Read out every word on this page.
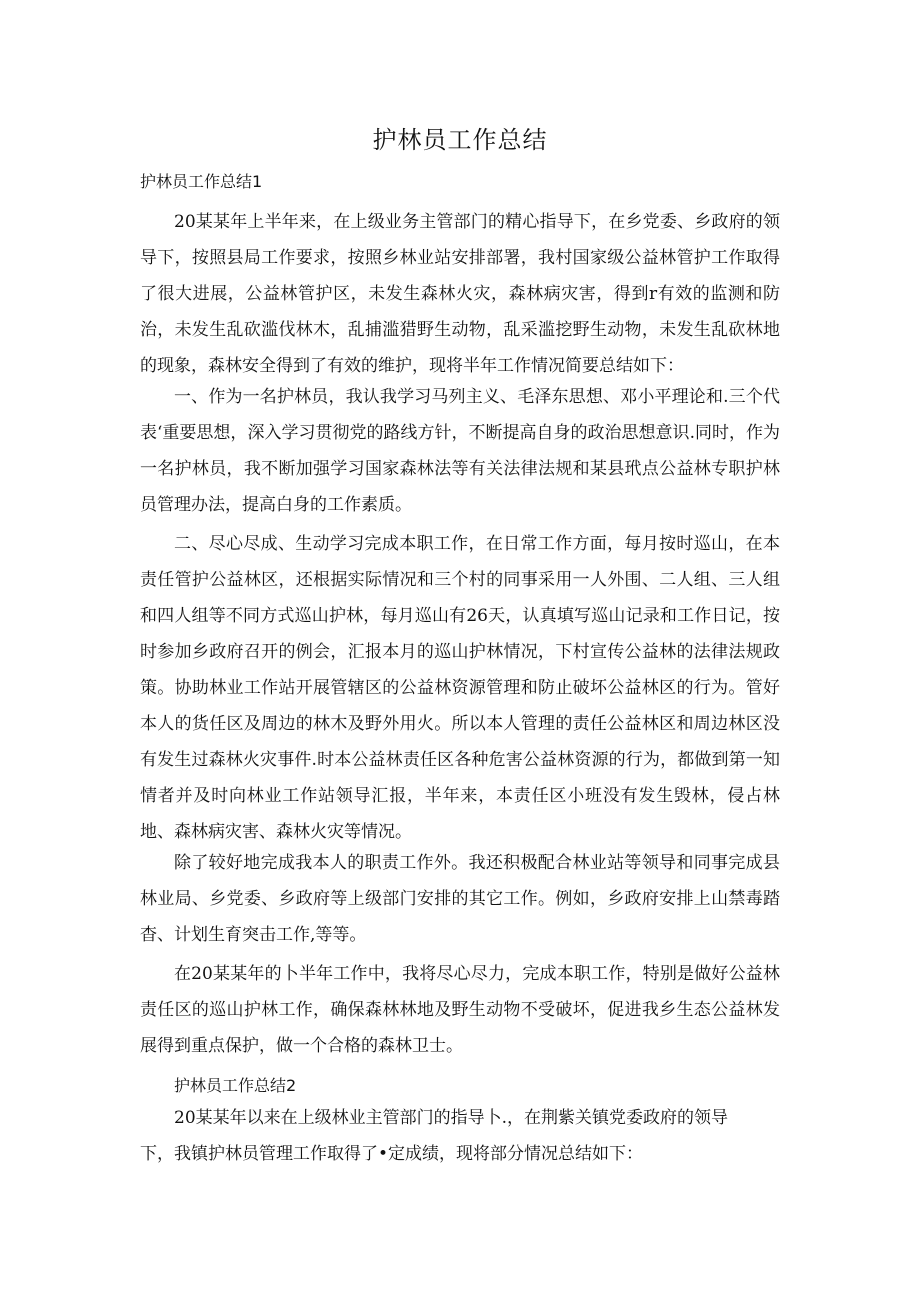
护林员工作总结
护林员工作总结1

20某某年上半年来，在上级业务主管部门的精心指导下，在乡党委、乡政府的领导下，按照县局工作要求，按照乡林业站安排部署，我村国家级公益林管护工作取得了很大进展，公益林管护区，未发生森林火灾，森林病灾害，得到r有效的监测和防治，未发生乱砍滥伐林木，乱捕滥猎野生动物，乱采滥挖野生动物，未发生乱砍林地的现象，森林安全得到了有效的维护，现将半年工作情况简要总结如下：

一、作为一名护林员，我认我学习马列主义、毛泽东思想、邓小平理论和.三个代表‘重要思想，深入学习贯彻党的路线方针，不断提高自身的政治思想意识.同时，作为一名护林员，我不断加强学习国家森林法等有关法律法规和某县玳点公益林专职护林员管理办法，提高白身的工作素质。

二、尽心尽成、生动学习完成本职工作，在日常工作方面，每月按时巡山，在本责任管护公益林区，还根据实际情况和三个村的同事采用一人外围、二人组、三人组和四人组等不同方式巡山护林，每月巡山有26天，认真填写巡山记录和工作日记，按时参加乡政府召开的例会，汇报本月的巡山护林情况，下村宣传公益林的法律法规政策。协助林业工作站开展管辖区的公益林资源管理和防止破坏公益林区的行为。管好本人的货任区及周边的林木及野外用火。所以本人管理的责任公益林区和周边林区没有发生过森林火灾事件.时本公益林责任区各种危害公益林资源的行为，都做到第一知情者并及时向林业工作站领导汇报，半年来，本责任区小班没有发生毁林，侵占林地、森林病灾害、森林火灾等情况。

除了较好地完成我本人的职责工作外。我还积极配合林业站等领导和同事完成县林业局、乡党委、乡政府等上级部门安排的其它工作。例如，乡政府安排上山禁毒踏杳、计划生育突击工作,等等。

在20某某年的卜半年工作中，我将尽心尽力，完成本职工作，特别是做好公益林责任区的巡山护林工作，确保森林林地及野生动物不受破坏，促进我乡生态公益林发展得到重点保护，做一个合格的森林卫士。

护林员工作总结2
20某某年以来在上级林业主管部门的指导卜.，在荆紫关镇党委政府的领导
下，我镇护林员管理工作取得了•定成绩，现将部分情况总结如下：
